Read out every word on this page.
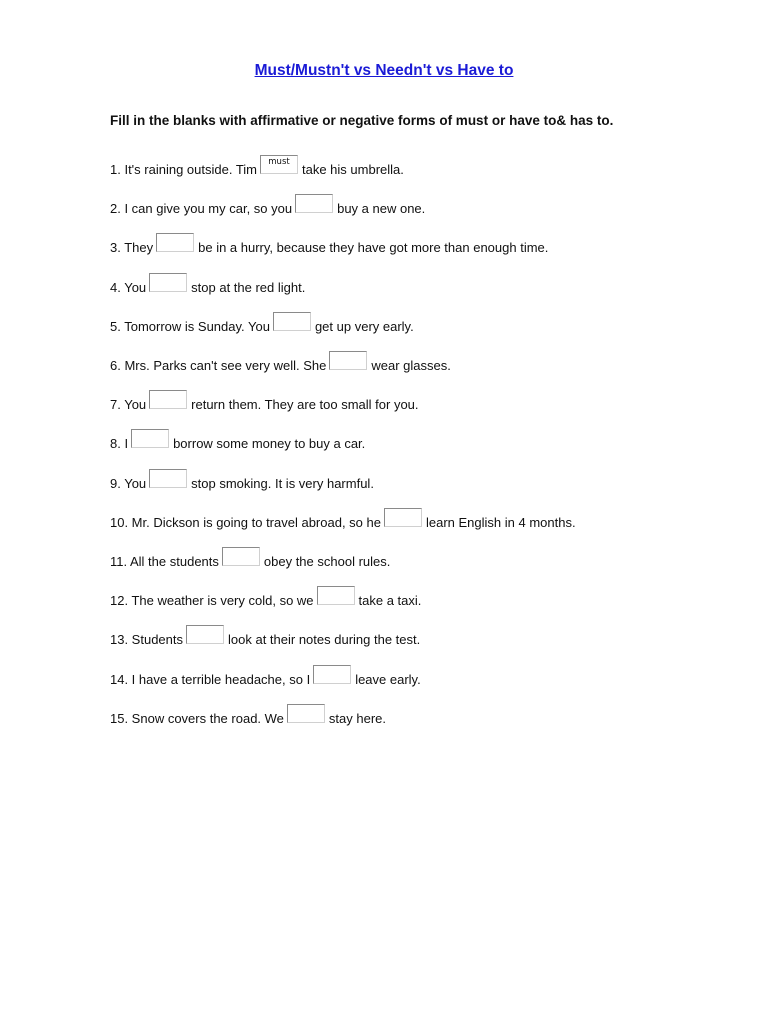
Must/Mustn't vs Needn't vs Have to
Fill in the blanks with affirmative or negative forms of must or have to& has to.
1. It's raining outside. Tim	must take his umbrella.
2. I can give you my car, so you	buy a new one.
3. They	be in a hurry, because they have got more than enough time.
4. You	stop at the red light.
5. Tomorrow is Sunday. You	get up very early.
6. Mrs. Parks can't see very well. She	wear glasses.
7. You	return them. They are too small for you.
8. I	borrow some money to buy a car.
9. You	stop smoking. It is very harmful.
10. Mr. Dickson is going to travel abroad, so he	learn English in 4 months.
11. All the students	obey the school rules.
12. The weather is very cold, so we	take a taxi.
13. Students	look at their notes during the test.
14. I have a terrible headache, so I	leave early.
15. Snow covers the road. We	stay here.
